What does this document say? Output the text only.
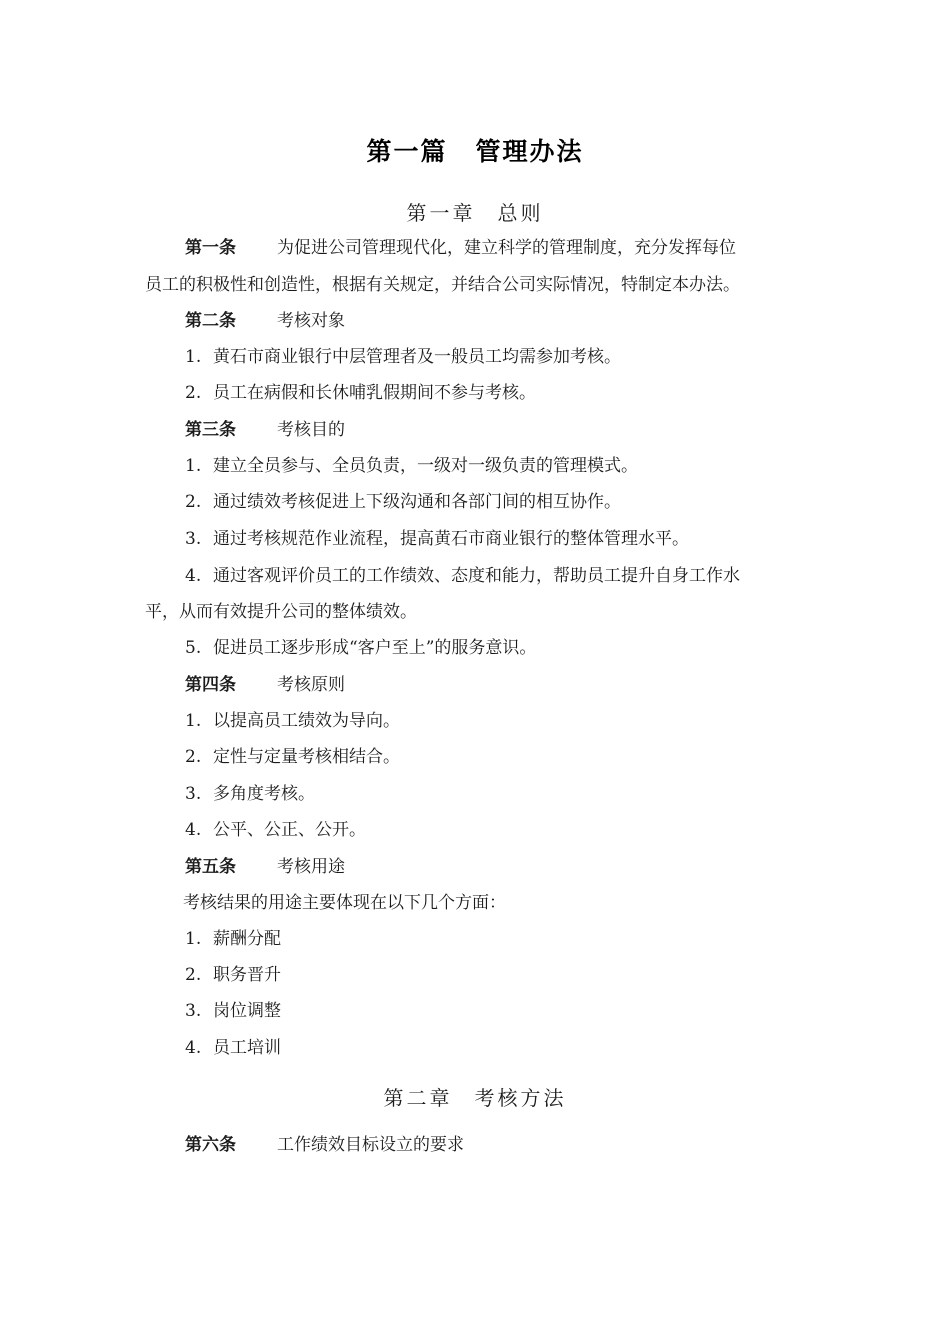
第一篇 管理办法
第一章 总则
第一条 为促进公司管理现代化，建立科学的管理制度，充分发挥每位
员工的积极性和创造性，根据有关规定，并结合公司实际情况，特制定本办法。
第二条 考核对象
1. 黄石市商业银行中层管理者及一般员工均需参加考核。
2. 员工在病假和长休哺乳假期间不参与考核。
第三条 考核目的
1. 建立全员参与、全员负责，一级对一级负责的管理模式。
2. 通过绩效考核促进上下级沟通和各部门间的相互协作。
3. 通过考核规范作业流程，提高黄石市商业银行的整体管理水平。
4. 通过客观评价员工的工作绩效、态度和能力，帮助员工提升自身工作水
平，从而有效提升公司的整体绩效。
5. 促进员工逐步形成“客户至上”的服务意识。
第四条 考核原则
1. 以提高员工绩效为导向。
2. 定性与定量考核相结合。
3. 多角度考核。
4. 公平、公正、公开。
第五条 考核用途
考核结果的用途主要体现在以下几个方面：
1. 薪酬分配
2. 职务晋升
3. 岗位调整
4. 员工培训
第二章 考核方法
第六条 工作绩效目标设立的要求
